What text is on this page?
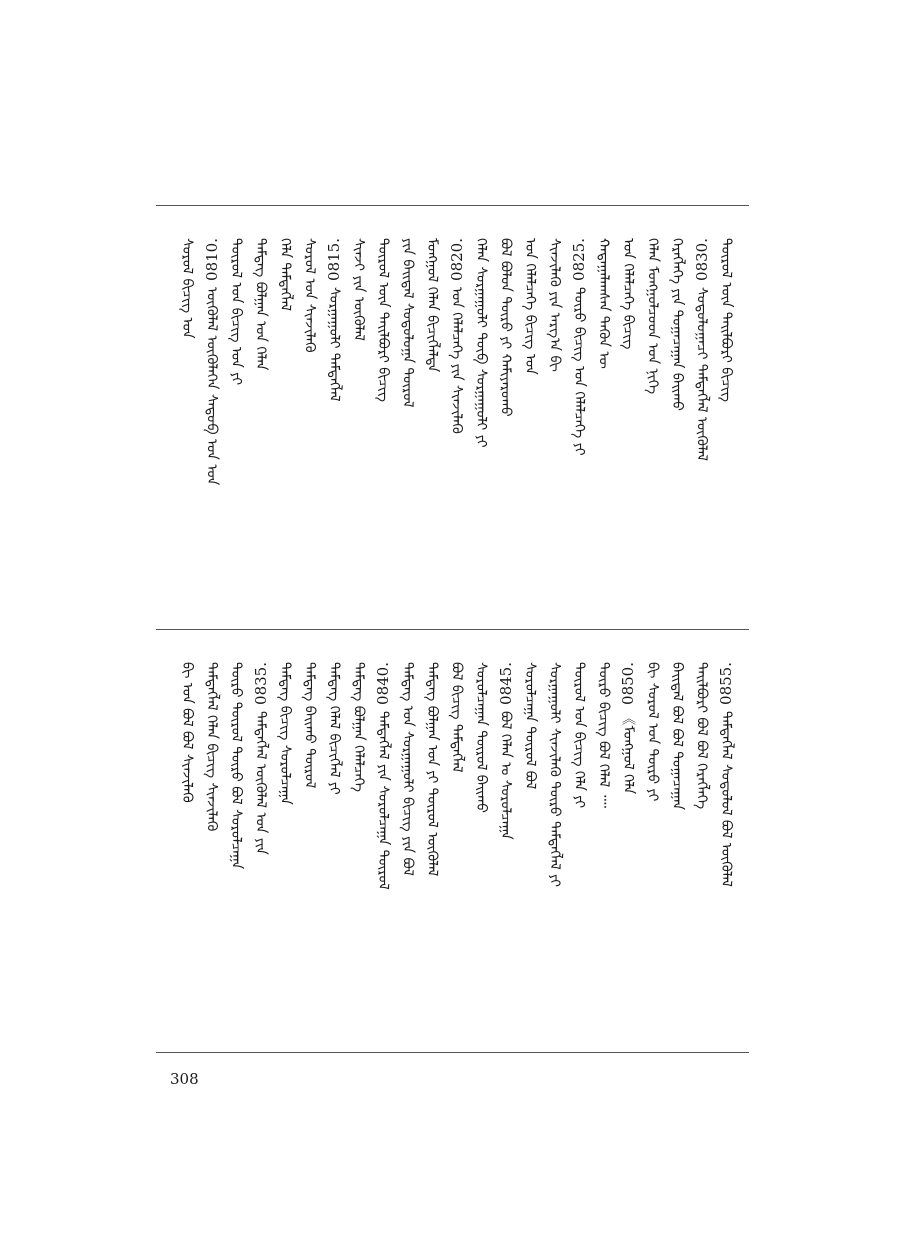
ᠲᠦᠷᠦᠯ ᠦᠨ ᠲᠠᠢᠯᠪᠤᠷᠢ ᠪᠢᠴᠢᠭ
0830.ᠰᠤᠳᠤᠯᠤᠭᠠᠴᠢ ᠲᠡᠮᠳᠡᠭᠯᠡᠯ ᠦᠭᠦᠯᠡᠯ
ᠬᠡᠷᠡᠭᠯᠡᠭᠡ ᠶᠢᠨ ᠲᠣᠭᠠᠴᠠᠭᠠᠨ ᠪᠠᠢᠬᠤ
ᠬᠡᠯᠡᠨ ᠮᠣᠩᠭᠣᠯᠴᠤᠳ ᠤᠨ ᠨᠢᠭᠡ
ᠤᠨ ᠬᠡᠯᠡᠯᠴᠡᠭᠡ ᠪᠢᠴᠢᠭ
ᠬᠠᠳᠠᠭᠠᠯᠠᠭᠰᠠᠨ ᠲᠡᠭᠦᠨ ᠦ
0825.ᠲᠦᠷᠦ ᠪᠢᠴᠢᠭ ᠤᠨ ᠬᠡᠯᠡᠯᠴᠡᠭᠡ ᠶᠢ
ᠰᠢᠨᠵᠢᠯᠡᠬᠦ ᠶᠢᠨ ᠠᠷᠭ᠎ᠠ ᠪᠢ
ᠤᠨ ᠬᠡᠯᠡᠯᠴᠡᠭᠡ ᠪᠢᠴᠢᠭ ᠤᠨ
ᠪᠣᠯ ᠪᠣᠯᠤᠨ ᠲᠦᠷᠦ ᠶᠢ ᠬᠠᠮᠢᠶᠠᠷᠤᠬᠤ
ᠬᠡᠯᠡᠨ ᠰᠤᠷᠭᠠᠭᠤᠯᠢ ᠲᠦᠪ ᠰᠤᠷᠭᠠᠭᠤᠯᠢ ᠶᠢ
0820.ᠤᠨ ᠬᠡᠯᠡᠯᠴᠡᠭᠡ ᠶᠢᠨ ᠰᠢᠨᠵᠢᠯᠡᠬᠦ
ᠮᠣᠩᠭᠣᠯ ᠬᠡᠯᠡᠨ ᠪᠢᠴᠢᠭᠯᠡᠯᠲᠡ
ᠶᠢᠨ ᠪᠠᠢᠳᠠᠯ ᠰᠣᠳᠤᠯᠤᠭᠠ ᠲᠦᠷᠦᠯ
ᠲᠦᠷᠦᠯ ᠦᠨ ᠲᠠᠢᠯᠪᠤᠷᠢ ᠪᠢᠴᠢᠭ
ᠰᠢᠨᠵᠢ ᠶᠢᠨ ᠦᠭᠦᠯᠡᠯ
0815.ᠰᠤᠷᠭᠠᠭᠤᠯᠢ ᠲᠡᠮᠳᠡᠭᠯᠡᠯ
ᠰᠤᠷᠤᠯ ᠤᠨ ᠰᠢᠨᠵᠢᠯᠡᠬᠦ
ᠬᠡᠯᠡ ᠲᠡᠮᠳᠡᠭᠯᠡᠯ
ᠲᠡᠮᠳᠡᠭ ᠪᠣᠯᠭᠠᠨ ᠤᠨ ᠬᠡᠯᠡᠨ
ᠲᠦᠷᠦᠯ ᠤᠨ ᠪᠢᠴᠢᠭ ᠤᠨ ᠶᠢ
0810.ᠦᠭᠦᠯᠡᠯ ᠦᠭᠦᠯᠡᠭᠡᠨ ᠰᠡᠳᠦᠪ ᠤᠨ ᠤᠨ
ᠰᠤᠷᠤᠯ ᠪᠢᠴᠢᠭ ᠤᠨ
0855.ᠲᠡᠮᠳᠡᠭᠯᠡᠯ ᠰᠣᠳᠤᠯᠤᠯ ᠪᠣᠯ ᠦᠭᠦᠯᠡᠯ
ᠲᠠᠢᠯᠪᠤᠷᠢ ᠪᠣᠯ ᠪᠣᠯ ᠬᠡᠷᠡᠭᠯᠡᠭᠡ
ᠪᠠᠢᠳᠠᠯ ᠪᠣᠯ ᠪᠣᠯ ᠲᠣᠭᠠᠴᠠᠭᠠᠨ
ᠪᠢ ᠰᠤᠷᠤᠯ ᠤᠨ ᠲᠦᠷᠦ ᠶᠢ
0850.《ᠮᠣᠩᠭᠣᠯ ᠬᠡᠯᠡ
ᠲᠦᠷᠦ ᠪᠢᠴᠢᠭ ᠪᠣᠯ ᠬᠡᠯᠡᠯ ᠁
ᠲᠦᠷᠦᠯ ᠤᠨ ᠪᠢᠴᠢᠭ ᠬᠡᠯᠡ ᠶᠢ
ᠰᠤᠷᠭᠠᠭᠤᠯᠢ ᠰᠢᠨᠵᠢᠯᠡᠬᠦ ᠲᠦᠷᠦ ᠲᠡᠮᠳᠡᠭᠯᠡᠯ ᠶᠢ
ᠰᠤᠷᠤᠯᠴᠠᠭᠠ ᠲᠦᠷᠦᠯ ᠪᠣᠯ
0845.ᠪᠣᠯ ᠬᠡᠯᠡᠨ ᠤ ᠰᠤᠷᠤᠯᠴᠠᠭᠠ
ᠰᠤᠷᠤᠯᠴᠠᠭᠠᠨ ᠲᠦᠷᠦᠯ ᠪᠠᠢᠬᠤ
ᠪᠣᠯ ᠪᠢᠴᠢᠭ ᠲᠡᠮᠳᠡᠭᠯᠡᠯ
ᠲᠡᠮᠳᠡᠭ ᠪᠣᠯᠭᠠᠨ ᠤᠨ ᠶᠢ ᠲᠦᠷᠦᠯ ᠦᠭᠦᠯᠡᠯ
ᠲᠡᠮᠳᠡᠭ ᠤᠨ ᠰᠤᠷᠭᠠᠭᠤᠯᠢ ᠪᠢᠴᠢᠭ ᠶᠢᠨ ᠪᠣᠯ
0840.ᠲᠡᠮᠳᠡᠭᠯᠡᠯ ᠶᠢᠨ ᠰᠤᠷᠤᠯᠴᠠᠭᠠ ᠲᠦᠷᠦᠯ
ᠲᠡᠮᠳᠡᠭ ᠪᠣᠯᠭᠠᠨ ᠬᠡᠯᠡᠯᠴᠡᠭᠡ
ᠲᠡᠮᠳᠡᠭ ᠬᠡᠯᠡᠯ ᠪᠢᠴᠢᠭᠯᠡᠯ ᠶᠢ
ᠲᠡᠮᠳᠡᠭ ᠪᠠᠢᠬᠤ ᠲᠦᠷᠦᠯ
ᠲᠡᠮᠳᠡᠭ ᠪᠢᠴᠢᠭ ᠰᠤᠷᠤᠯᠴᠠᠭᠠ
0835.ᠲᠡᠮᠳᠡᠭᠯᠡᠯ ᠦᠭᠦᠯᠡᠯ ᠤᠨ ᠶᠢᠨ
ᠲᠦᠷᠦ ᠲᠦᠷᠦᠯ ᠲᠦᠷᠦ ᠪᠣᠯ ᠰᠤᠷᠤᠯᠴᠠᠭᠠ
ᠲᠡᠮᠳᠡᠭᠯᠡᠯ ᠬᠡᠯᠡᠨ ᠪᠢᠴᠢᠭ ᠰᠢᠨᠵᠢᠯᠡᠬᠦ
ᠪᠢ ᠤᠨ ᠪᠣᠯ ᠪᠣᠯ ᠰᠢᠨᠵᠢᠯᠡᠬᠦ
308
